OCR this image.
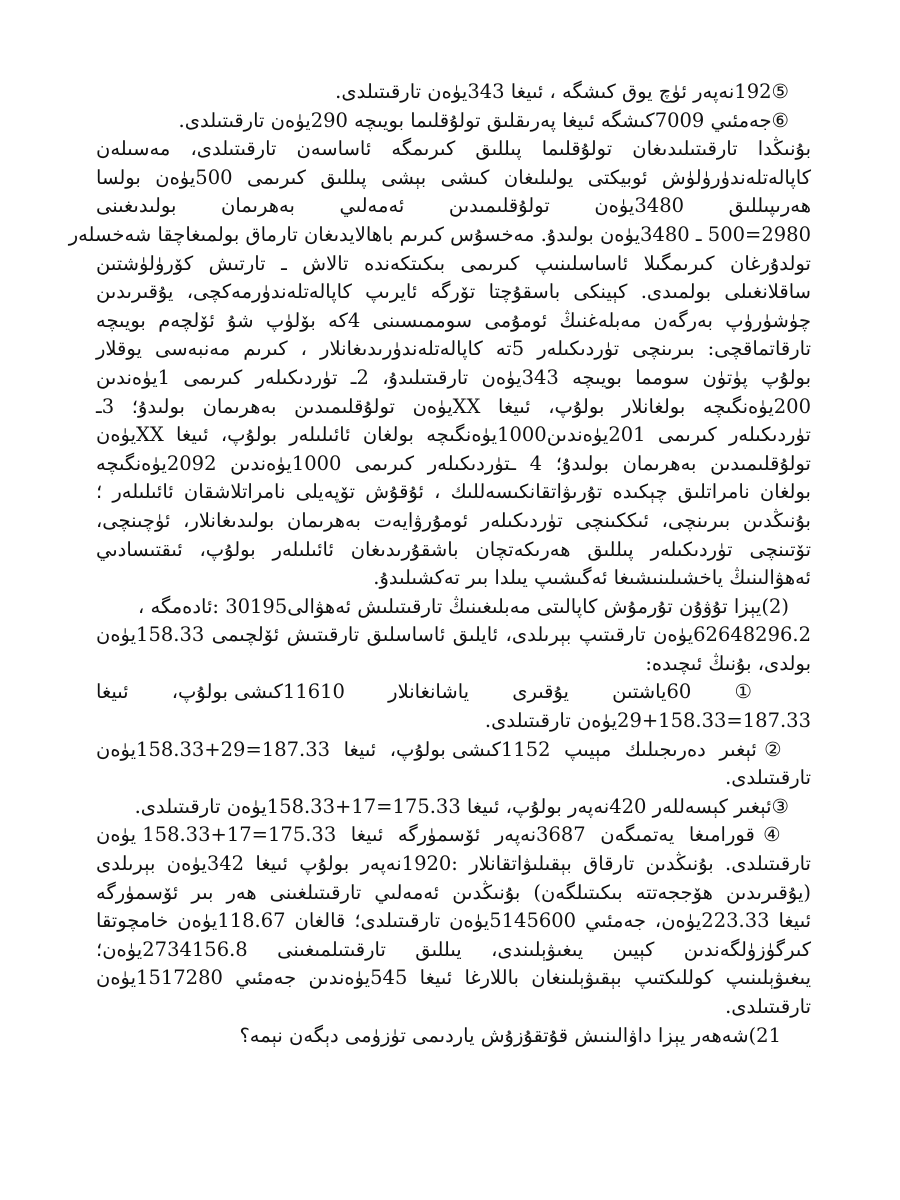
⑤192نەپەر ئۈچ يوق كىشگە ، ئىيغا 343يۈەن تارقىتىلدى.
⑥جەمئىي 7009كىشگە ئىيغا پەرىقلىق تولۇقلىما بويىچە 290يۈەن تارقىتىلدى.
بۇنىڭدا تارقىتىلىدىغان تولۇقلىما پىللىق كىرىمگە ئاساسەن تارقىتىلدى، مەسىلەن
كاپالەتلەندۈرۈلۈش ئوبيكتى يولىلىغان كىشى بېشى پىللىق كىرىمى 500يۈەن بولسا
ھەرىپىللىق 3480يۈەن تولۇقلىمىدىن ئەمەلىي بەھرىمان بولىدىغىنى
2980=500 ـ 3480يۈەن بولىدۇ. مەخسۇس كىرىم باھالايدىغان تارماق بولمىغاچقا شەخسلەر
تولدۇرغان كىرىمگىلا ئاساسلىنىپ كىرىمى بىكىتكەندە تالاش ـ تارتىش كۆرۈلۈشتىن
ساقلانغىلى بولمىدى. كېينكى باسقۇچتا تۆرگە ئايرىپ كاپالەتلەندۈرمەكچى، يۇقىرىدىن
چۈشۈرۈپ بەرگەن مەبلەغنىڭ ئومۇمى سوممىسىنى 4كە بۆلۈپ شۇ ئۆلچەم بويىچە
تارقاتماقچى: بىرىنچى تۈردىكىلەر 5تە كاپالەتلەندۈرىدىغانلار ، كىرىم مەنبەسى يوقلار
بولۇپ پۈتۈن سومما بويىچە 343يۈەن تارقىتىلىدۇ، 2ـ تۈردىكىلەر كىرىمى 1يۈەندىن
200يۈەنگىچە بولغانلار بولۇپ، ئىيغا XXيۈەن تولۇقلىمىدىن بەھرىمان بولىدۇ؛ 3ـ
تۈردىكىلەر كىرىمى 201يۈەندىن1000يۈەنگىچە بولغان ئائىلىلەر بولۇپ، ئىيغا XXيۈەن
تولۇقلىمىدىن بەھرىمان بولىدۇ؛ 4 ـتۈردىكىلەر كىرىمى 1000يۈەندىن 2092يۈەنگىچە
بولغان نامراتلىق چېكىدە تۇرىۋاتقانكىسەللىك ، ئۇقۇش تۆپەيلى نامراتلاشقان ئائىلىلەر ؛
بۇنىڭدىن بىرىنچى، ئىككىنچى تۈردىكىلەر ئومۇرۋايەت بەھرىمان بولىدىغانلار، ئۈچىنچى،
تۆتىنچى تۈردىكىلەر پىللىق ھەرىكەتچان باشقۇرىدىغان ئائىلىلەر بولۇپ، ئىقتىسادىي
ئەھۋالىنىڭ ياخشىلىنىشىغا ئەگىشىپ يىلدا بىر تەكشىلىدۇ.
(2)يېزا تۇۋۇن تۇرمۇش كاپالىتى مەبلىغىنىڭ تارقىتىلىش ئەھۋالى30195 :ئادەمگە ،
62648296.2يۈەن تارقىتىپ بېرىلدى، ئايلىق ئاساسلىق تارقىتىش ئۆلچىمى 158.33يۈەن
بولدى، بۇنىڭ ئىچىدە:
① 60ياشتىن يۇقىرى ياشانغانلار 11610كىشى بولۇپ، ئىيغا
187.33=29+158.33يۈەن تارقىتىلدى.
②ئېغىر دەرىجىلىك مېيىپ 1152كىشى بولۇپ، ئىيغا 187.33=29+158.33يۈەن
تارقىتىلدى.
③ئېغىر كېسەللەر 420نەپەر بولۇپ، ئىيغا 175.33=17+158.33يۈەن تارقىتىلدى.
④قورامىغا يەتمىگەن 3687نەپەر ئۆسمۈرگە ئىيغا 175.33=17+158.33 يۈەن
تارقىتىلدى. بۇنىڭدىن تارقاق بېقىلىۋاتقانلار :1920نەپەر بولۇپ ئىيغا 342يۈەن بېرىلدى
(يۇقىرىدىن ھۆججەتتە بىكىتىلگەن) بۇنىڭدىن ئەمەلىي تارقىتىلغىنى ھەر بىر ئۆسمۈرگە
ئىيغا 223.33يۈەن، جەمئىي 5145600يۈەن تارقىتىلدى؛ قالغان 118.67يۈەن خامچوتقا
كىرگۈزۈلگەندىن كېيىن يىغىۋېلىندى، يىللىق تارقىتىلمىغىنى 2734156.8يۈەن؛
يىغىۋېلىنىپ كوللىكتىپ بېقىۋېلىنغان باللارغا ئىيغا 545يۈەندىن جەمئىي 1517280يۈەن
تارقىتىلدى.
21)شەھەر يېزا داۋالىنىش قۇتقۇزۇش ياردىمى تۈزۈمى دېگەن نېمە؟
